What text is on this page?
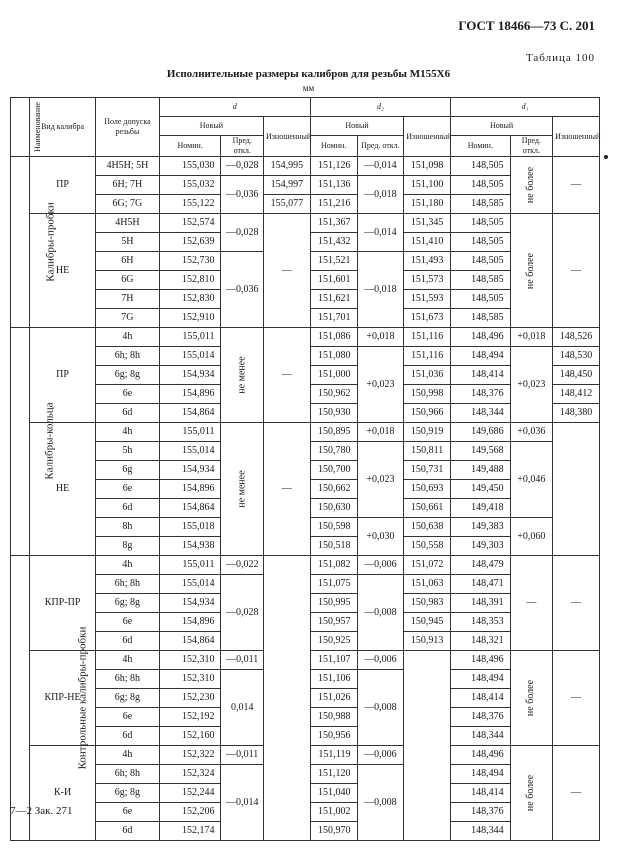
ГОСТ 18466—73 С. 201
Таблица 100
Исполнительные размеры калибров для резьбы М155Х6
мм
Наименование	Вид калибра	Поле допуска резьбы	d			d₂			d₁		
			Новый		Изношенный	Новый		Изношенный	Новый		Изношенный
			Номин.	Пред. откл.		Номин.	Пред. откл.		Номин.	Пред. откл.	
Калибры-пробки	ПР	4Н5Н; 5Н	155,030	—0,028	154,995	151,126	—0,014	151,098	148,505	не более	—
		6Н; 7Н	155,032	—0,036	154,997	151,136	—0,018	151,100	148,505		
		6G; 7G	155,122		155,077	151,216		151,180	148,585		
	НЕ	4Н5Н	152,574	—0,028	—	151,367	—0,014	151,345	148,505	не более	—
		5Н	152,639			151,432		151,410	148,505		
		6Н	152,730	—0,036		151,521	—0,018	151,493	148,505		
		6G	152,810			151,601		151,573	148,585		
		7Н	152,830			151,621		151,593	148,505		
		7G	152,910			151,701		151,673	148,585		
Калибры-кольца	ПР	4h	155,011	не менее	—	151,086	+0,018	151,116	148,496	+0,018	148,526
		6h; 8h	155,014			151,080	+0,023	151,116	148,494	+0,023	148,530
		6g; 8g	154,934			151,000		151,036	148,414		148,450
		6e	154,896			150,962		150,998	148,376		148,412
		6d	154,864			150,930		150,966	148,344		148,380
	НЕ	4h	155,011	не менее	—	150,895	+0,018	150,919	149,686	+0,036	
		5h	155,014			150,780	+0,023	150,811	149,568	+0,046	
		6g	154,934			150,700		150,731	149,488		
		6e	154,896			150,662		150,693	149,450		
		6d	154,864			150,630		150,661	149,418		
		8h	155,018			150,598	+0,030	150,638	149,383	+0,060	
		8g	154,938			150,518		150,558	149,303		
Контрольные калибры-пробки	КПР-ПР	4h	155,011	—0,022		151,082	—0,006	151,072	148,479	—	—
		6h; 8h	155,014	—0,028		151,075	—0,008	151,063	148,471		
		6g; 8g	154,934			150,995		150,983	148,391		
		6e	154,896			150,957		150,945	148,353		
		6d	154,864			150,925		150,913	148,321		
	КПР-НЕ	4h	152,310	—0,011		151,107	—0,006		148,496	не более	—
		6h; 8h	152,310	0,014		151,106	—0,008		148,494		
		6g; 8g	152,230			151,026			148,414		
		6e	152,192			150,988			148,376		
		6d	152,160			150,956			148,344		
	К-И	4h	152,322	—0,011		151,119	—0,006		148,496	не более	—
		6h; 8h	152,324	—0,014		151,120	—0,008		148,494		
		6g; 8g	152,244			151,040			148,414		
		6e	152,206			151,002			148,376		
		6d	152,174			150,970			148,344		
7—2 Зак. 271
